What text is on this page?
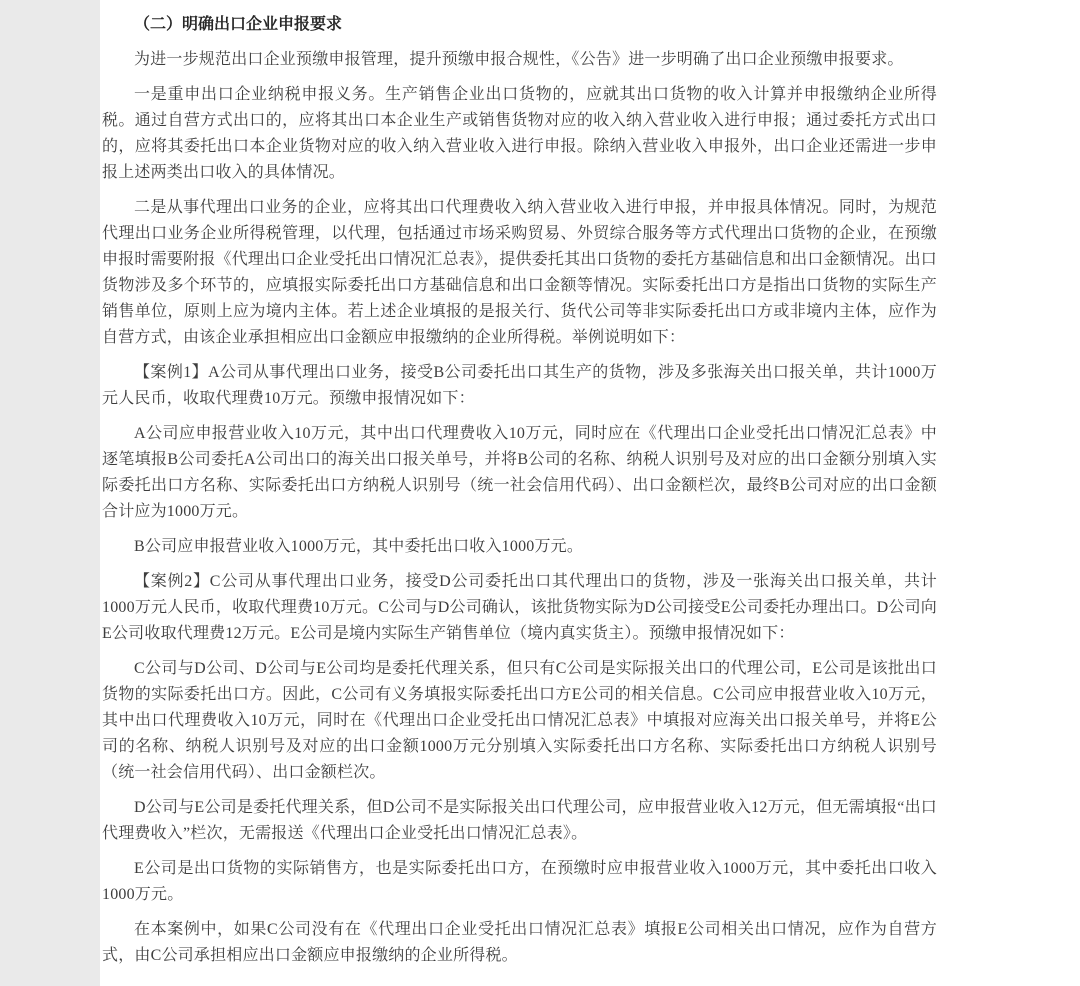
（二）明确出口企业申报要求

为进一步规范出口企业预缴申报管理，提升预缴申报合规性，《公告》进一步明确了出口企业预缴申报要求。

一是重申出口企业纳税申报义务。生产销售企业出口货物的，应就其出口货物的收入计算并申报缴纳企业所得税。通过自营方式出口的，应将其出口本企业生产或销售货物对应的收入纳入营业收入进行申报；通过委托方式出口的，应将其委托出口本企业货物对应的收入纳入营业收入进行申报。除纳入营业收入申报外，出口企业还需进一步申报上述两类出口收入的具体情况。

二是从事代理出口业务的企业，应将其出口代理费收入纳入营业收入进行申报，并申报具体情况。同时，为规范代理出口业务企业所得税管理，以代理，包括通过市场采购贸易、外贸综合服务等方式代理出口货物的企业，在预缴申报时需要附报《代理出口企业受托出口情况汇总表》，提供委托其出口货物的委托方基础信息和出口金额情况。出口货物涉及多个环节的，应填报实际委托出口方基础信息和出口金额等情况。实际委托出口方是指出口货物的实际生产销售单位，原则上应为境内主体。若上述企业填报的是报关行、货代公司等非实际委托出口方或非境内主体，应作为自营方式，由该企业承担相应出口金额应申报缴纳的企业所得税。举例说明如下：

【案例1】A公司从事代理出口业务，接受B公司委托出口其生产的货物，涉及多张海关出口报关单，共计1000万元人民币，收取代理费10万元。预缴申报情况如下：

A公司应申报营业收入10万元，其中出口代理费收入10万元，同时应在《代理出口企业受托出口情况汇总表》中逐笔填报B公司委托A公司出口的海关出口报关单号，并将B公司的名称、纳税人识别号及对应的出口金额分别填入实际委托出口方名称、实际委托出口方纳税人识别号（统一社会信用代码）、出口金额栏次，最终B公司对应的出口金额合计应为1000万元。

B公司应申报营业收入1000万元，其中委托出口收入1000万元。

【案例2】C公司从事代理出口业务，接受D公司委托出口其代理出口的货物，涉及一张海关出口报关单，共计1000万元人民币，收取代理费10万元。C公司与D公司确认，该批货物实际为D公司接受E公司委托办理出口。D公司向E公司收取代理费12万元。E公司是境内实际生产销售单位（境内真实货主）。预缴申报情况如下：

C公司与D公司、D公司与E公司均是委托代理关系，但只有C公司是实际报关出口的代理公司，E公司是该批出口货物的实际委托出口方。因此，C公司有义务填报实际委托出口方E公司的相关信息。C公司应申报营业收入10万元，其中出口代理费收入10万元，同时在《代理出口企业受托出口情况汇总表》中填报对应海关出口报关单号，并将E公司的名称、纳税人识别号及对应的出口金额1000万元分别填入实际委托出口方名称、实际委托出口方纳税人识别号（统一社会信用代码）、出口金额栏次。

D公司与E公司是委托代理关系，但D公司不是实际报关出口代理公司，应申报营业收入12万元，但无需填报“出口代理费收入”栏次，无需报送《代理出口企业受托出口情况汇总表》。

E公司是出口货物的实际销售方，也是实际委托出口方，在预缴时应申报营业收入1000万元，其中委托出口收入1000万元。

在本案例中，如果C公司没有在《代理出口企业受托出口情况汇总表》填报E公司相关出口情况，应作为自营方式，由C公司承担相应出口金额应申报缴纳的企业所得税。
